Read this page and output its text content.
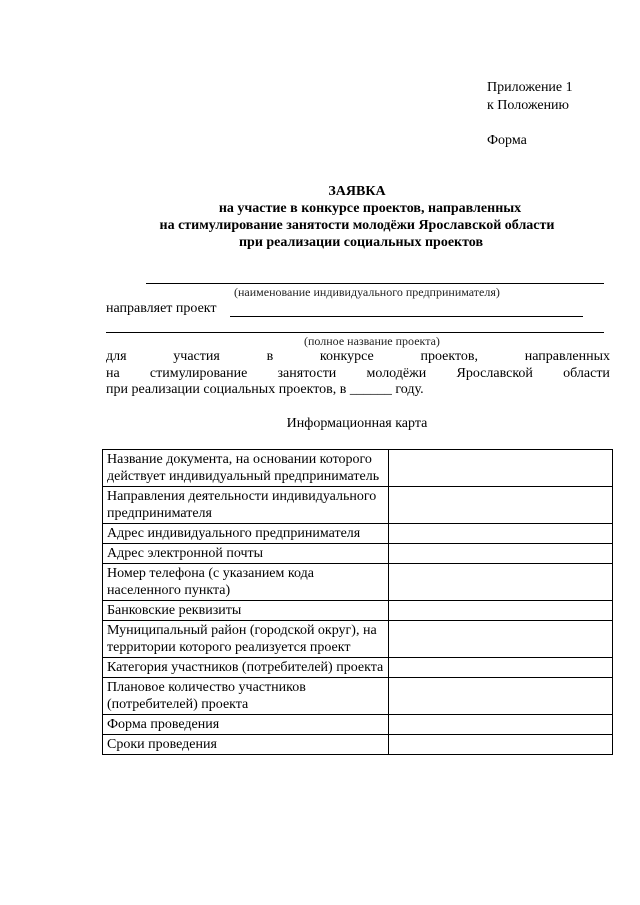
Приложение 1
к Положению
Форма
ЗАЯВКА
на участие в конкурсе проектов, направленных
на стимулирование занятости молодёжи Ярославской области
при реализации социальных проектов
(наименование индивидуального предпринимателя)
направляет проект
(полное название проекта)
для	участия	в	конкурсе	проектов,	направленных
на стимулирование занятости молодёжи Ярославской области
при реализации социальных проектов, в ______ году.
Информационная карта
Название документа, на основании которого действует индивидуальный предприниматель	
Направления деятельности индивидуального предпринимателя	
Адрес индивидуального предпринимателя	
Адрес электронной почты	
Номер телефона (с указанием кода населенного пункта)	
Банковские реквизиты	
Муниципальный район (городской округ), на территории которого реализуется проект	
Категория участников (потребителей) проекта	
Плановое количество участников (потребителей) проекта	
Форма проведения	
Сроки проведения	
